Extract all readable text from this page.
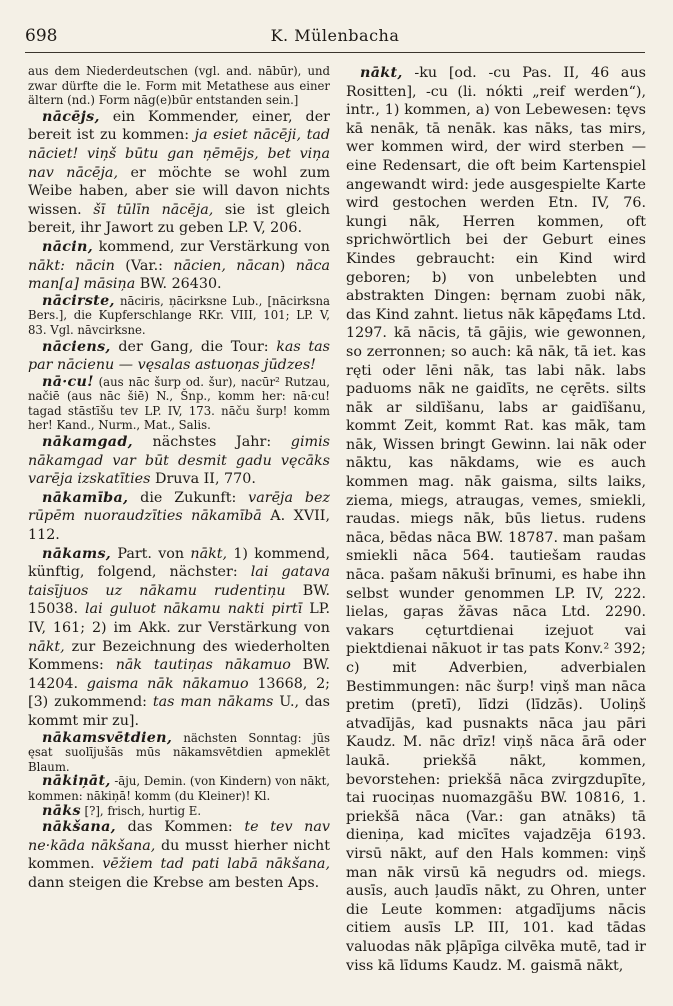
698	K. Mülenbacha

aus dem Niederdeutschen (vgl. and. nābūr), und zwar dürfte die le. Form mit Metathese aus einer ältern (nd.) Form nāg(e)būr entstanden sein.]

nācējs, ein Kommender, einer, der bereit ist zu kommen: ja esiet nācēji, tad nāciet! viņš būtu gan ņēmējs, bet viņa nav nācēja, er möchte se wohl zum Weibe haben, aber sie will davon nichts wissen. šī tūlīn nācēja, sie ist gleich bereit, ihr Jawort zu geben LP. V, 206.

nācin, kommend, zur Verstärkung von nākt: nācin (Var.: nācien, nācan) nāca man[a] māsiņa BW. 26430.

nācirste, nāciris, ņācirksne Lub., [nācirksna Bers.], die Kupferschlange RKr. VIII, 101; LP. V, 83. Vgl. nāvcirksne.

nāciens, der Gang, die Tour: kas tas par nācienu — vęsalas astuoņas jūdzes!

nā·cu! (aus nāc šurp od. šur), nacūr² Rutzau, načiē (aus nāc šiē) N., Šnp., komm her: nā·cu! tagad stāstīšu tev LP. IV, 173. nāču šurp! komm her! Kand., Nurm., Mat., Salis.

nākamgad, nächstes Jahr: gimis nākamgad var būt desmit gadu vęcāks varēja izskatīties Druva II, 770.

nākamība, die Zukunft: varēja bez rūpēm nuoraudzīties nākamībā A. XVII, 112.

nākams, Part. von nākt, 1) kommend, künftig, folgend, nächster: lai gatava taisījuos uz nākamu rudentiņu BW. 15038. lai guluot nākamu nakti pirtī LP. IV, 161; 2) im Akk. zur Verstärkung von nākt, zur Bezeichnung des wiederholten Kommens: nāk tautiņas nākamuo BW. 14204. gaisma nāk nākamuo 13668, 2; [3) zukommend: tas man nākams U., das kommt mir zu].

nākamsvētdien, nächsten Sonntag: jūs ęsat suolījušās mūs nākamsvētdien apmeklēt Blaum.

nākiņāt, -āju, Demin. (von Kindern) von nākt, kommen: nākiņā! komm (du Kleiner)! Kl.

nāks [?], frisch, hurtig E.

nākšana, das Kommen: te tev nav ne·kāda nākšana, du musst hierher nicht kommen. vēžiem tad pati labā nākšana, dann steigen die Krebse am besten Aps.

nākt, -ku [od. -cu Pas. II, 46 aus Rositten], -cu (li. nókti „reif werden“), intr., 1) kommen, a) von Lebewesen: tęvs kā nenāk, tā nenāk. kas nāks, tas mirs, wer kommen wird, der wird sterben — eine Redensart, die oft beim Kartenspiel angewandt wird: jede ausgespielte Karte wird gestochen werden Etn. IV, 76. kungi nāk, Herren kommen, oft sprichwörtlich bei der Geburt eines Kindes gebraucht: ein Kind wird geboren; b) von unbelebten und abstrakten Dingen: bęrnam zuobi nāk, das Kind zahnt. lietus nāk kāpęđams Ltd. 1297. kā nācis, tā gājis, wie gewonnen, so zerronnen; so auch: kā nāk, tā iet. kas ręti oder lēni nāk, tas labi nāk. labs paduoms nāk ne gaidīts, ne cęrēts. silts nāk ar sildīšanu, labs ar gaidīšanu, kommt Zeit, kommt Rat. kas māk, tam nāk, Wissen bringt Gewinn. lai nāk oder nāktu, kas nākdams, wie es auch kommen mag. nāk gaisma, silts laiks, ziema, miegs, atraugas, vemes, smiekli, raudas. miegs nāk, būs lietus. rudens nāca, bēdas nāca BW. 18787. man pašam smiekli nāca 564. tautiešam raudas nāca. pašam nākuši brīnumi, es habe ihn selbst wunder genommen LP. IV, 222. lielas, gaŗas žāvas nāca Ltd. 2290. vakars cęturtdienai izejuot vai piektdienai nākuot ir tas pats Konv.² 392; c) mit Adverbien, adverbialen Bestimmungen: nāc šurp! viņš man nāca pretim (pretī), līdzi (līdzās). Uoliņš atvadījās, kad pusnakts nāca jau pāri Kaudz. M. nāc drīz! viņš nāca ārā oder laukā. priekšā nākt, kommen, bevorstehen: priekšā nāca zvirgzdupīte, tai ruociņas nuomazgāšu BW. 10816, 1. priekšā nāca (Var.: gan atnāks) tā dieniņa, kad micītes vajadzēja 6193. virsū nākt, auf den Hals kommen: viņš man nāk virsū kā negudrs od. miegs. ausīs, auch ļaudīs nākt, zu Ohren, unter die Leute kommen: atgadījums nācis citiem ausīs LP. III, 101. kad tādas valuodas nāk pļāpīga cilvēka mutē, tad ir viss kā līdums Kaudz. M. gaismā nākt,
